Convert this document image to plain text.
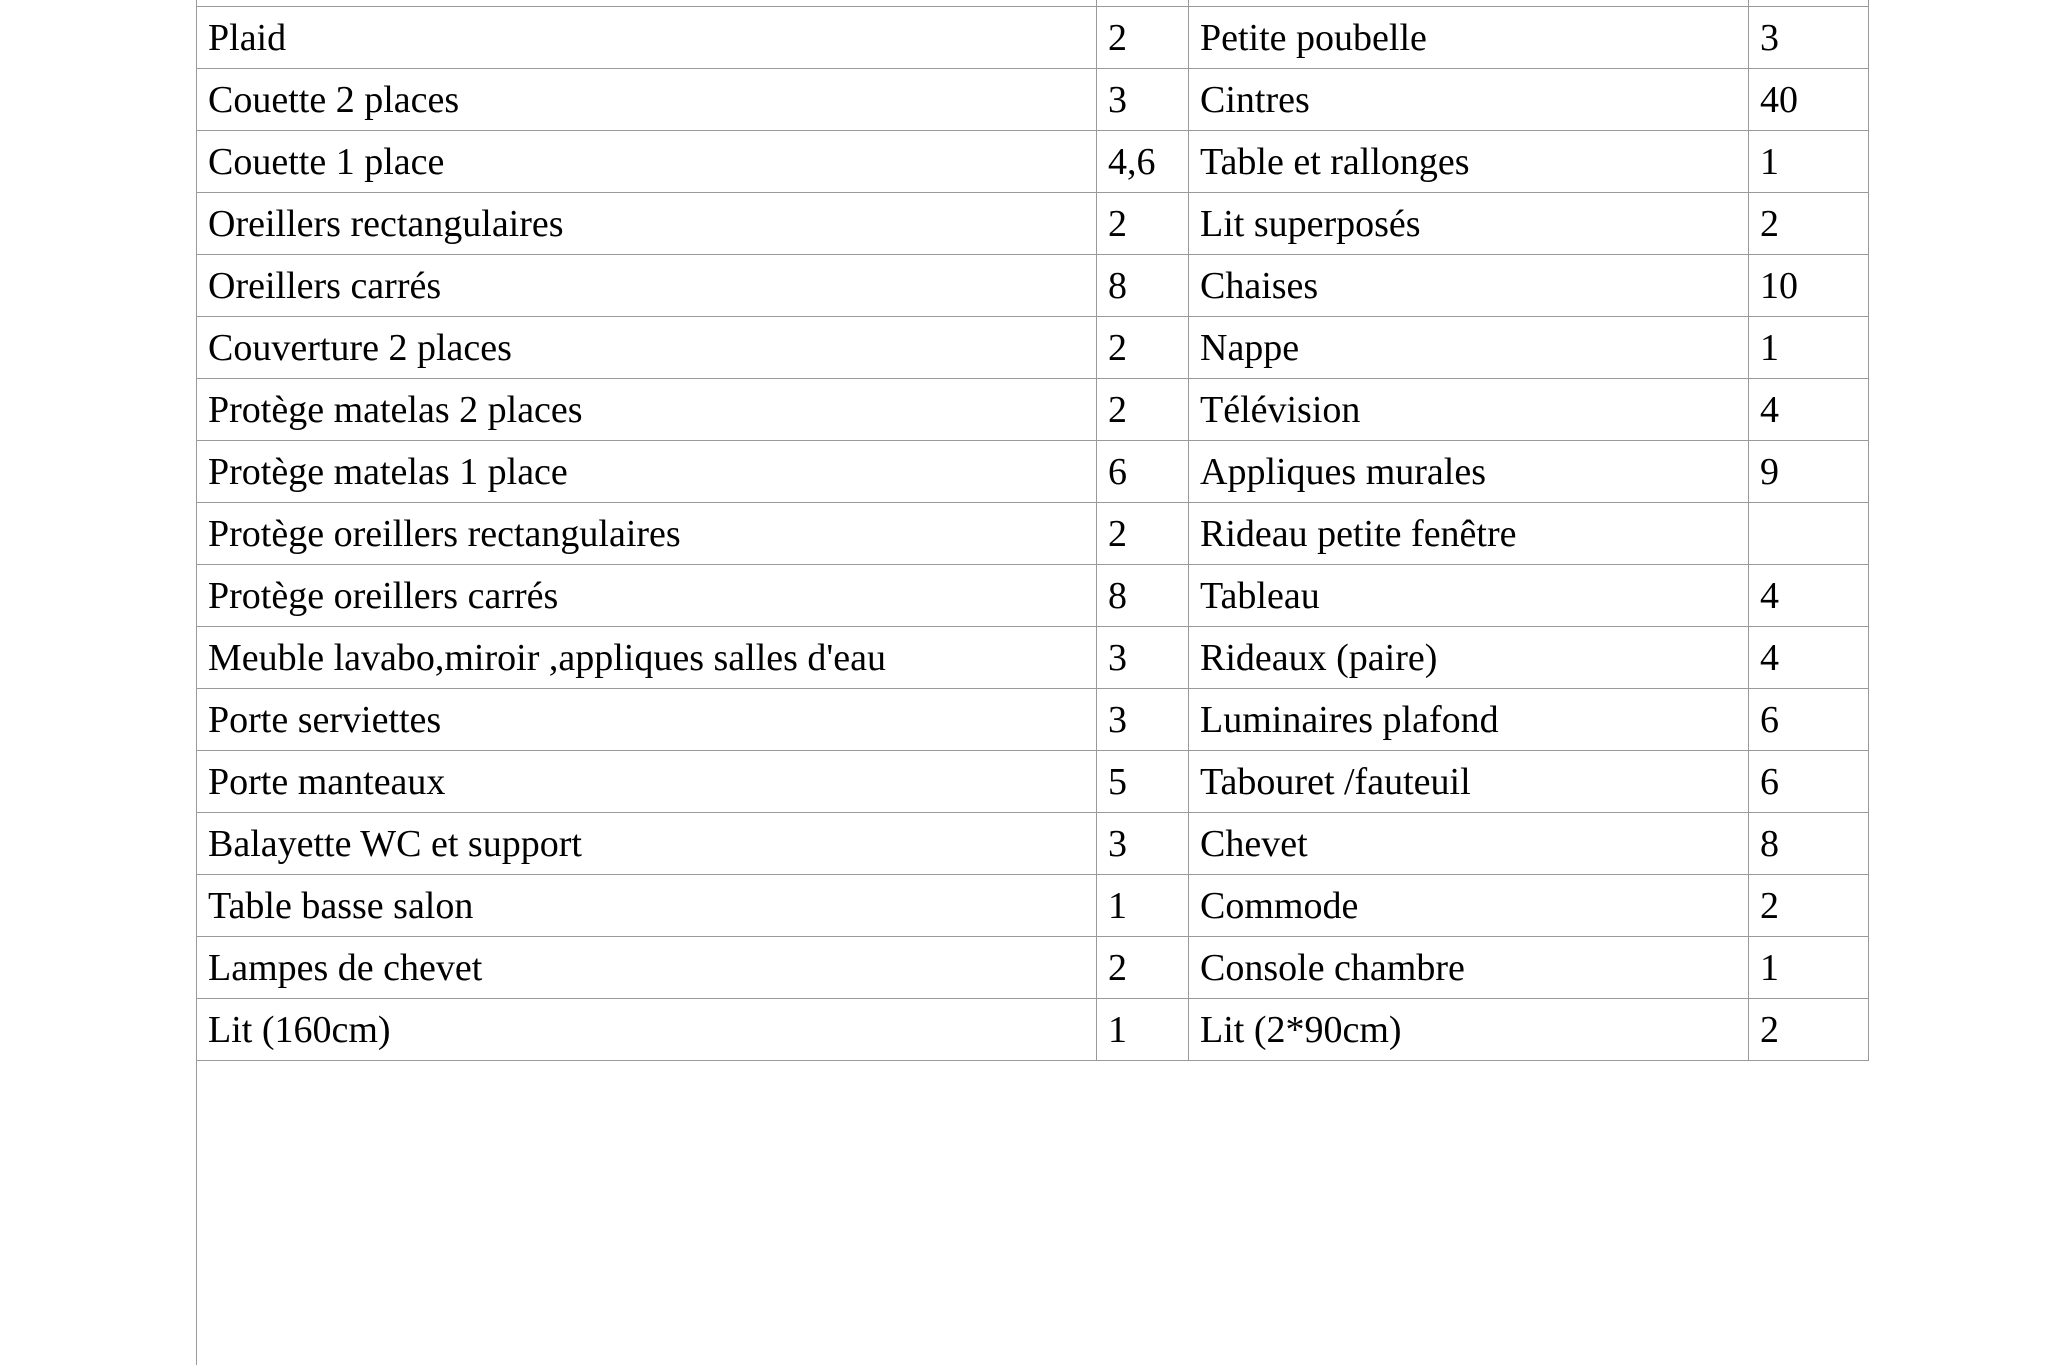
Plaid	2	Petite poubelle	3
Couette 2 places	3	Cintres	40
Couette 1 place	4,6	Table et rallonges	1
Oreillers rectangulaires	2	Lit superposés	2
Oreillers carrés	8	Chaises	10
Couverture 2 places	2	Nappe	1
Protège matelas 2 places	2	Télévision	4
Protège matelas 1 place	6	Appliques murales	9
Protège oreillers rectangulaires	2	Rideau petite fenêtre	
Protège oreillers carrés	8	Tableau	4
Meuble lavabo,miroir ,appliques salles d'eau	3	Rideaux (paire)	4
Porte serviettes	3	Luminaires plafond	6
Porte manteaux	5	Tabouret /fauteuil	6
Balayette WC et support	3	Chevet	8
Table basse salon	1	Commode	2
Lampes de chevet	2	Console chambre	1
Lit (160cm)	1	Lit (2*90cm)	2
